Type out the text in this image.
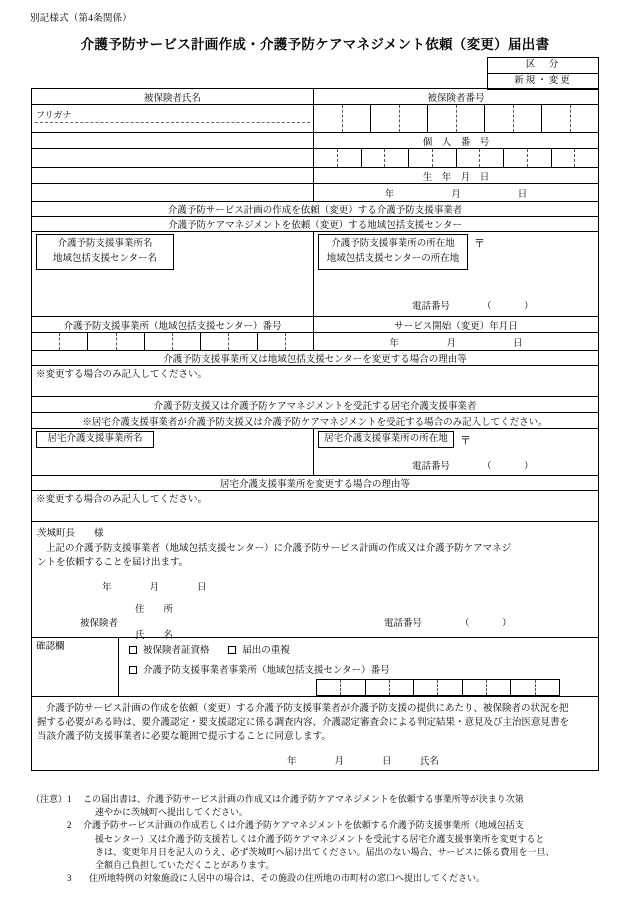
別記様式（第4条関係）
介護予防サービス計画作成・介護予防ケアマネジメント依頼（変更）届出書
区　分
新規・変更
被保険者氏名	被保険者番号
フリガナ
個　人　番　号
生　年　月　日
年　　　　　　月　　　　　　日
介護予防サービス計画の作成を依頼（変更）する介護予防支援事業者
介護予防ケアマネジメントを依頼（変更）する地域包括支援センター
介護予防支援事業所名
地域包括支援センター名
介護予防支援事業所の所在地
地域包括支援センターの所在地
〒
電話番号	（	）
介護予防支援事業所（地域包括支援センター）番号	サービス開始（変更）年月日
年　　　　　月　　　　　　日
介護予防支援事業所又は地域包括支援センターを変更する場合の理由等
※変更する場合のみ記入してください。
介護予防支援又は介護予防ケアマネジメントを受託する居宅介護支援事業者
※居宅介護支援事業者が介護予防支援又は介護予防ケアマネジメントを受託する場合のみ記入してください。
居宅介護支援事業所名	居宅介護支援事業所の所在地 〒
電話番号	（	）
居宅介護支援事業所を変更する場合の理由等
※変更する場合のみ記入してください。
茨城町長　　様
上記の介護予防支援事業者（地域包括支援センター）に介護予防サービス計画の作成又は介護予防ケアマネジ
ントを依頼することを届け出ます。
年　　　　月　　　　日
住　　所
被保険者
氏　　名
電話番号	（	）
確認欄	被保険者証資格	届出の重複
介護予防支援事業者事業所（地域包括支援センター）番号
介護予防サービス計画の作成を依頼（変更）する介護予防支援事業者が介護予防支援の提供にあたり、被保険者の状況を把
握する必要がある時は、要介護認定・要支援認定に係る調査内容、介護認定審査会による判定結果・意見及び主治医意見書を
当該介護予防支援事業者に必要な範囲で提示することに同意します。
年　　　　月　　　　日　　　氏名
（注意） 1	この届出書は、介護予防サービス計画の作成又は介護予防ケアマネジメントを依頼する事業所等が決まり次第
速やかに茨城町へ提出してください。
2	介護予防サービス計画の作成若しくは介護予防ケアマネジメントを依頼する介護予防支援事業所（地域包括支
援センター）又は介護予防支援若しくは介護予防ケアマネジメントを受託する居宅介護支援事業所を変更すると
きは、変更年月日を記入のうえ、必ず茨城町へ届け出てください。届出のない場合、サービスに係る費用を一旦、
全額自己負担していただくことがあります。
3	住所地特例の対象施設に入居中の場合は、その施設の住所地の市町村の窓口へ提出してください。
